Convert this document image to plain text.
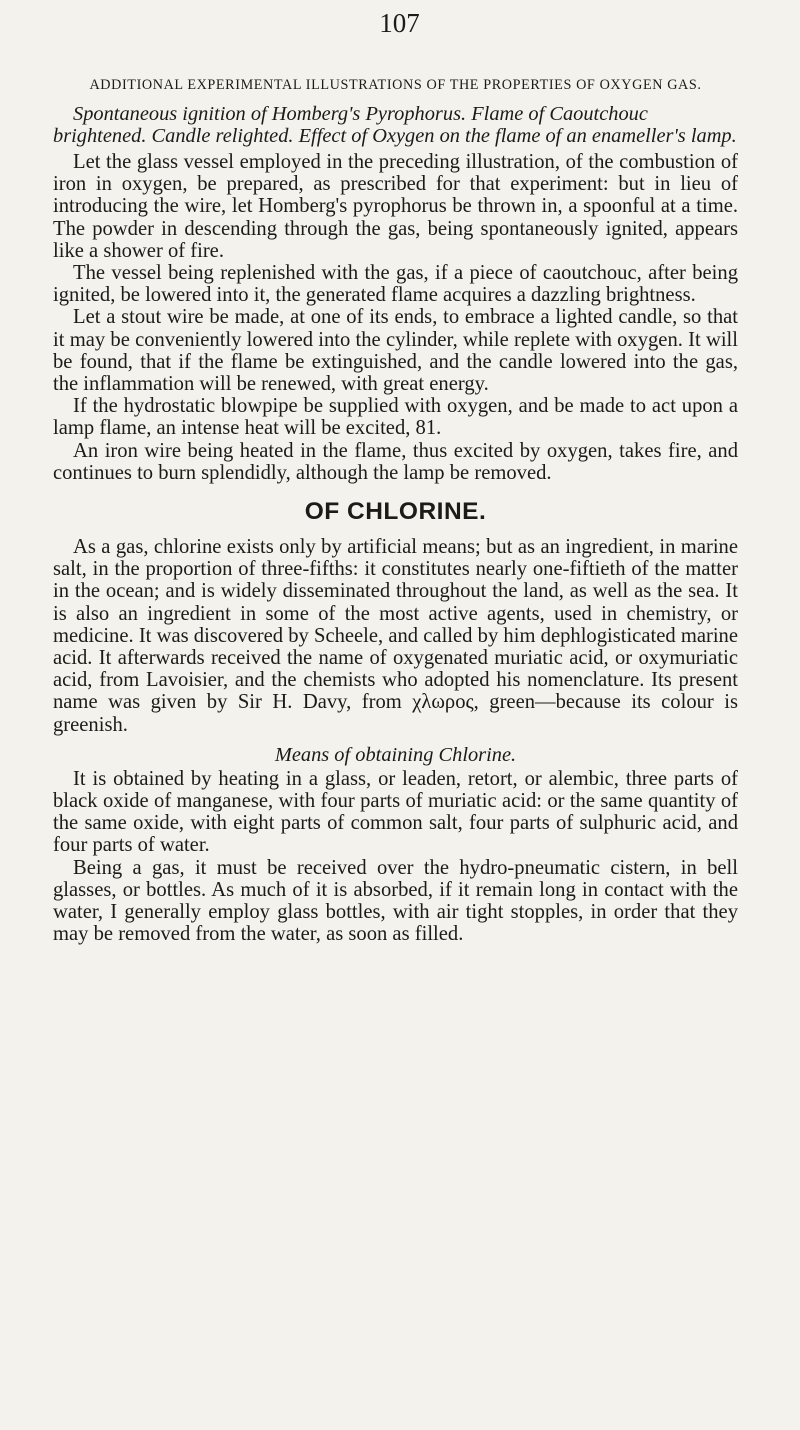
107
ADDITIONAL EXPERIMENTAL ILLUSTRATIONS OF THE PROPERTIES OF OXYGEN GAS.

Spontaneous ignition of Homberg's Pyrophorus. Flame of Caoutchouc brightened. Candle relighted. Effect of Oxygen on the flame of an enameller's lamp.

Let the glass vessel employed in the preceding illustration, of the combustion of iron in oxygen, be prepared, as prescribed for that experiment: but in lieu of introducing the wire, let Homberg's pyrophorus be thrown in, a spoonful at a time. The powder in descending through the gas, being spontaneously ignited, appears like a shower of fire.

The vessel being replenished with the gas, if a piece of caoutchouc, after being ignited, be lowered into it, the generated flame acquires a dazzling brightness.

Let a stout wire be made, at one of its ends, to embrace a lighted candle, so that it may be conveniently lowered into the cylinder, while replete with oxygen. It will be found, that if the flame be extinguished, and the candle lowered into the gas, the inflammation will be renewed, with great energy.

If the hydrostatic blowpipe be supplied with oxygen, and be made to act upon a lamp flame, an intense heat will be excited, 81.

An iron wire being heated in the flame, thus excited by oxygen, takes fire, and continues to burn splendidly, although the lamp be removed.

OF CHLORINE.

As a gas, chlorine exists only by artificial means; but as an ingredient, in marine salt, in the proportion of three-fifths: it constitutes nearly one-fiftieth of the matter in the ocean; and is widely disseminated throughout the land, as well as the sea. It is also an ingredient in some of the most active agents, used in chemistry, or medicine. It was discovered by Scheele, and called by him dephlogisticated marine acid. It afterwards received the name of oxygenated muriatic acid, or oxymuriatic acid, from Lavoisier, and the chemists who adopted his nomenclature. Its present name was given by Sir H. Davy, from χλωρος, green—because its colour is greenish.

Means of obtaining Chlorine.

It is obtained by heating in a glass, or leaden, retort, or alembic, three parts of black oxide of manganese, with four parts of muriatic acid: or the same quantity of the same oxide, with eight parts of common salt, four parts of sulphuric acid, and four parts of water.

Being a gas, it must be received over the hydro-pneumatic cistern, in bell glasses, or bottles. As much of it is absorbed, if it remain long in contact with the water, I generally employ glass bottles, with air tight stopples, in order that they may be removed from the water, as soon as filled.
